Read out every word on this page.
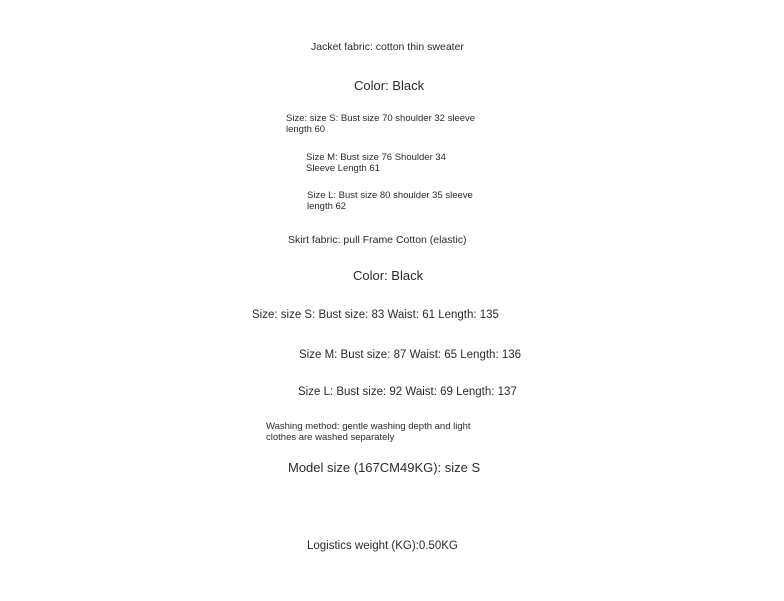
Jacket fabric: cotton thin sweater
Color: Black
Size: size S: Bust size 70 shoulder 32 sleeve length 60
Size M: Bust size 76 Shoulder 34 Sleeve Length 61
Size L: Bust size 80 shoulder 35 sleeve length 62
Skirt fabric: pull Frame Cotton (elastic)
Color: Black
Size: size S: Bust size: 83 Waist: 61 Length: 135
Size M: Bust size: 87 Waist: 65 Length: 136
Size L: Bust size: 92 Waist: 69 Length: 137
Washing method: gentle washing depth and light clothes are washed separately
Model size (167CM49KG): size S
Logistics weight (KG):0.50KG
